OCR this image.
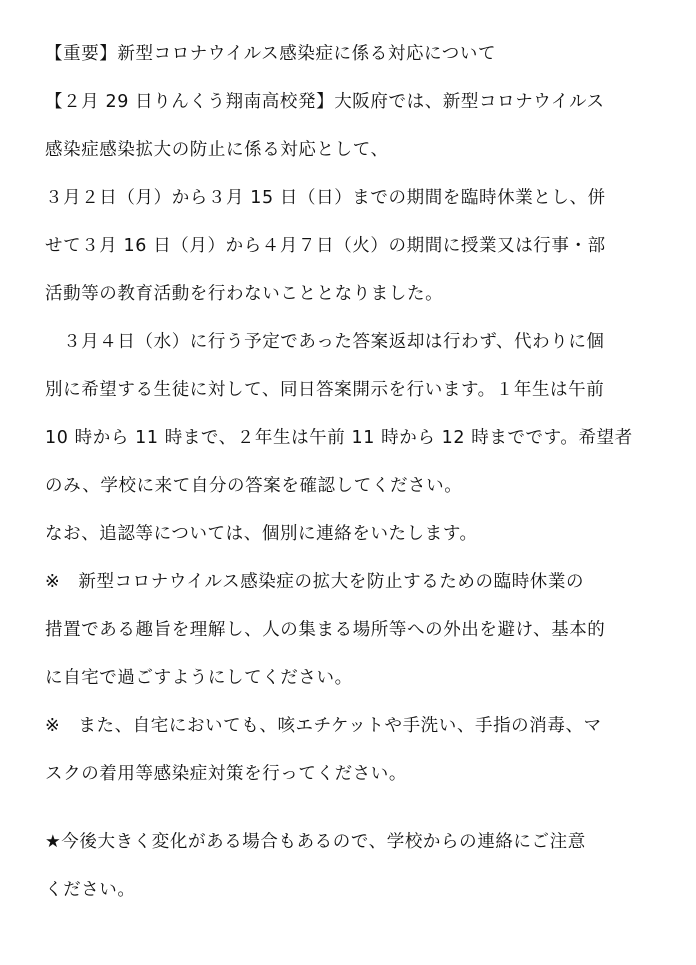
【重要】新型コロナウイルス感染症に係る対応について
【２月 29 日りんくう翔南高校発】大阪府では、新型コロナウイルス
感染症感染拡大の防止に係る対応として、
３月２日（月）から３月 15 日（日）までの期間を臨時休業とし、併
せて３月 16 日（月）から４月７日（火）の期間に授業又は行事・部
活動等の教育活動を行わないこととなりました。
　３月４日（水）に行う予定であった答案返却は行わず、代わりに個
別に希望する生徒に対して、同日答案開示を行います。１年生は午前
10 時から 11 時まで、２年生は午前 11 時から 12 時までです。希望者
のみ、学校に来て自分の答案を確認してください。
なお、追認等については、個別に連絡をいたします。
※　新型コロナウイルス感染症の拡大を防止するための臨時休業の
措置である趣旨を理解し、人の集まる場所等への外出を避け、基本的
に自宅で過ごすようにしてください。
※　また、自宅においても、咳エチケットや手洗い、手指の消毒、マ
スクの着用等感染症対策を行ってください。
★今後大きく変化がある場合もあるので、学校からの連絡にご注意
ください。
